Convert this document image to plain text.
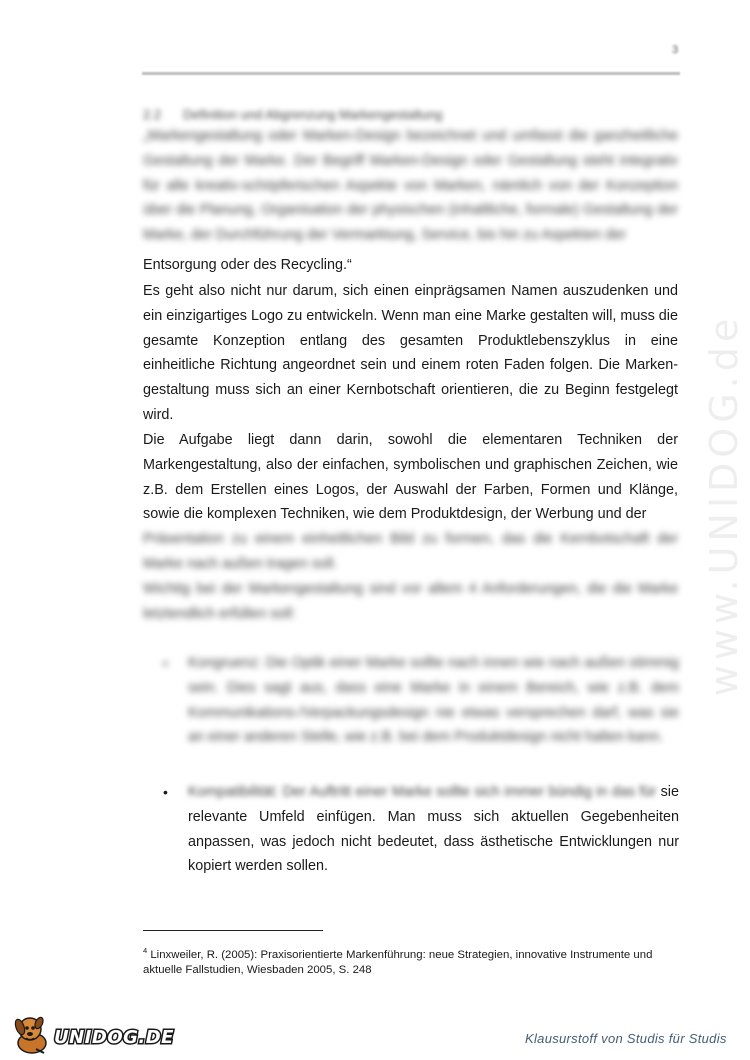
3
2.2 Definition und Abgrenzung Markengestaltung
„Markengestaltung oder Marken-Design bezeichnet und umfasst die ganzheitliche Gestaltung der Marke. Der Begriff Marken-Design oder Gestaltung steht integrativ für alle kreativ-schöpferischen Aspekte von Marken, nämlich von der Konzeption über die Planung, Organisation der physischen (inhaltliche, formale) Gestaltung der Marke, der Durchführung der Vermarktung, Service, bis hin zu Aspekten der
Entsorgung oder des Recycling.“
Es geht also nicht nur darum, sich einen einprägsamen Namen auszudenken und ein einzigartiges Logo zu entwickeln. Wenn man eine Marke gestalten will, muss die gesamte Konzeption entlang des gesamten Produktlebenszyklus in eine einheitliche Richtung angeordnet sein und einem roten Faden folgen. Die Marken-gestaltung muss sich an einer Kernbotschaft orientieren, die zu Beginn festgelegt wird.
Die Aufgabe liegt dann darin, sowohl die elementaren Techniken der Markengestaltung, also der einfachen, symbolischen und graphischen Zeichen, wie z.B. dem Erstellen eines Logos, der Auswahl der Farben, Formen und Klänge, sowie die komplexen Techniken, wie dem Produktdesign, der Werbung und der
Präsentation zu einem einheitlichen Bild zu formen, das die Kernbotschaft der Marke nach außen tragen soll.
Wichtig bei der Markengestaltung sind vor allem 4 Anforderungen, die die Marke letztendlich erfüllen soll:
•	Kongruenz: Die Optik einer Marke sollte nach innen wie nach außen stimmig sein. Dies sagt aus, dass eine Marke in einem Bereich, wie z.B. dem Kommunikations-/Verpackungsdesign nie etwas versprechen darf, was sie an einer anderen Stelle, wie z.B. bei dem Produktdesign nicht halten kann.
•	Kompatibilität: Der Auftritt einer Marke sollte sich immer bündig in das für sie relevante Umfeld einfügen. Man muss sich aktuellen Gegebenheiten anpassen, was jedoch nicht bedeutet, dass ästhetische Entwicklungen nur kopiert werden sollen.
$^4$ Linxweiler, R. (2005): Praxisorientierte Markenführung: neue Strategien, innovative Instrumente und aktuelle Fallstudien, Wiesbaden 2005, S. 248
www.UNIDOG.de
UNIDOG.DE	Klausurstoff von Studis für Studis
